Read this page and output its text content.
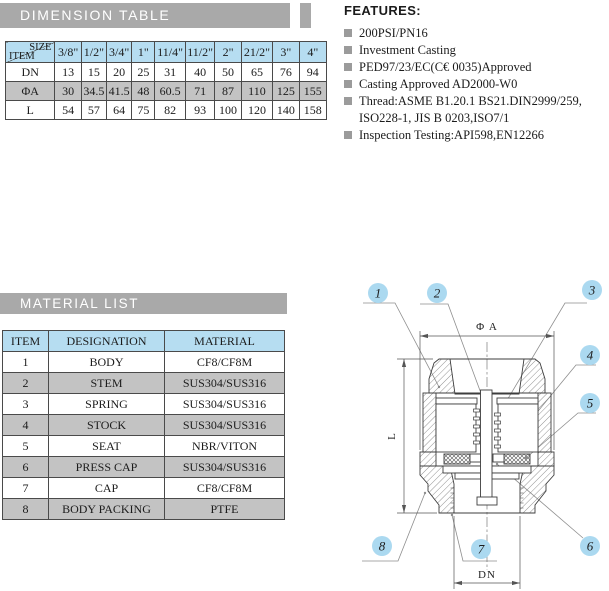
DIMENSION TABLE
SIZE
ITEM	3/8"	1/2"	3/4"	1"	11/4"	11/2"	2"	21/2"	3"	4"
DN	13	15	20	25	31	40	50	65	76	94
ΦA	30	34.5	41.5	48	60.5	71	87	110	125	155
L	54	57	64	75	82	93	100	120	140	158
FEATURES:
200PSI/PN16
Investment Casting
PED97/23/EC(C€ 0035)Approved
Casting Approved AD2000-W0
Thread:ASME B1.20.1 BS21.DIN2999/259,
ISO228-1, JIS B 0203,ISO7/1
Inspection Testing:API598,EN12266
MATERIAL LIST
ITEM	DESIGNATION	MATERIAL
1	BODY	CF8/CF8M
2	STEM	SUS304/SUS316
3	SPRING	SUS304/SUS316
4	STOCK	SUS304/SUS316
5	SEAT	NBR/VITON
6	PRESS CAP	SUS304/SUS316
7	CAP	CF8/CF8M
8	BODY PACKING	PTFE
Φ A
L
DN
1	2	3
4
5
6
7
8
